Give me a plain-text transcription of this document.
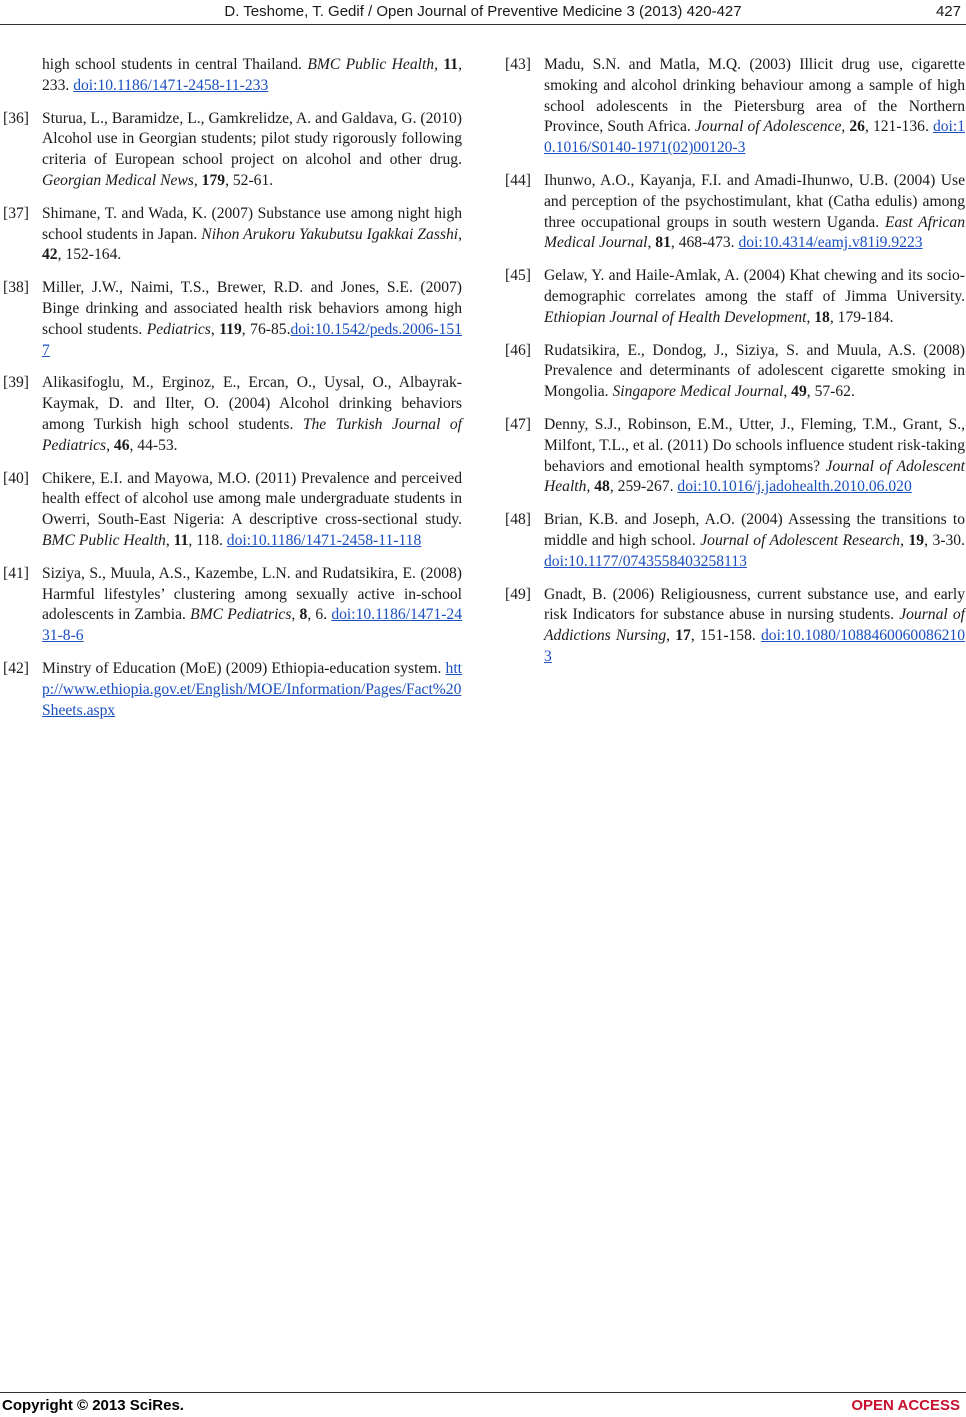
D. Teshome, T. Gedif / Open Journal of Preventive Medicine 3 (2013) 420-427	427
high school students in central Thailand. BMC Public Health, 11, 233. doi:10.1186/1471-2458-11-233
[36] Sturua, L., Baramidze, L., Gamkrelidze, A. and Galdava, G. (2010) Alcohol use in Georgian students; pilot study rigorously following criteria of European school project on alcohol and other drug. Georgian Medical News, 179, 52-61.
[37] Shimane, T. and Wada, K. (2007) Substance use among night high school students in Japan. Nihon Arukoru Yakubutsu Igakkai Zasshi, 42, 152-164.
[38] Miller, J.W., Naimi, T.S., Brewer, R.D. and Jones, S.E. (2007) Binge drinking and associated health risk behaviors among high school students. Pediatrics, 119, 76-85.doi:10.1542/peds.2006-1517
[39] Alikasifoglu, M., Erginoz, E., Ercan, O., Uysal, O., Albayrak-Kaymak, D. and Ilter, O. (2004) Alcohol drinking behaviors among Turkish high school students. The Turkish Journal of Pediatrics, 46, 44-53.
[40] Chikere, E.I. and Mayowa, M.O. (2011) Prevalence and perceived health effect of alcohol use among male undergraduate students in Owerri, South-East Nigeria: A descriptive cross-sectional study. BMC Public Health, 11, 118. doi:10.1186/1471-2458-11-118
[41] Siziya, S., Muula, A.S., Kazembe, L.N. and Rudatsikira, E. (2008) Harmful lifestyles’ clustering among sexually active in-school adolescents in Zambia. BMC Pediatrics, 8, 6. doi:10.1186/1471-2431-8-6
[42] Minstry of Education (MoE) (2009) Ethiopia-education system. http://www.ethiopia.gov.et/English/MOE/Information/Pages/Fact%20Sheets.aspx
[43] Madu, S.N. and Matla, M.Q. (2003) Illicit drug use, cigarette smoking and alcohol drinking behaviour among a sample of high school adolescents in the Pietersburg area of the Northern Province, South Africa. Journal of Adolescence, 26, 121-136. doi:10.1016/S0140-1971(02)00120-3
[44] Ihunwo, A.O., Kayanja, F.I. and Amadi-Ihunwo, U.B. (2004) Use and perception of the psychostimulant, khat (Catha edulis) among three occupational groups in south western Uganda. East African Medical Journal, 81, 468-473. doi:10.4314/eamj.v81i9.9223
[45] Gelaw, Y. and Haile-Amlak, A. (2004) Khat chewing and its socio-demographic correlates among the staff of Jimma University. Ethiopian Journal of Health Development, 18, 179-184.
[46] Rudatsikira, E., Dondog, J., Siziya, S. and Muula, A.S. (2008) Prevalence and determinants of adolescent cigarette smoking in Mongolia. Singapore Medical Journal, 49, 57-62.
[47] Denny, S.J., Robinson, E.M., Utter, J., Fleming, T.M., Grant, S., Milfont, T.L., et al. (2011) Do schools influence student risk-taking behaviors and emotional health symptoms? Journal of Adolescent Health, 48, 259-267. doi:10.1016/j.jadohealth.2010.06.020
[48] Brian, K.B. and Joseph, A.O. (2004) Assessing the transitions to middle and high school. Journal of Adolescent Research, 19, 3-30. doi:10.1177/0743558403258113
[49] Gnadt, B. (2006) Religiousness, current substance use, and early risk Indicators for substance abuse in nursing students. Journal of Addictions Nursing, 17, 151-158. doi:10.1080/10884600600862103
Copyright © 2013 SciRes.	OPEN ACCESS
